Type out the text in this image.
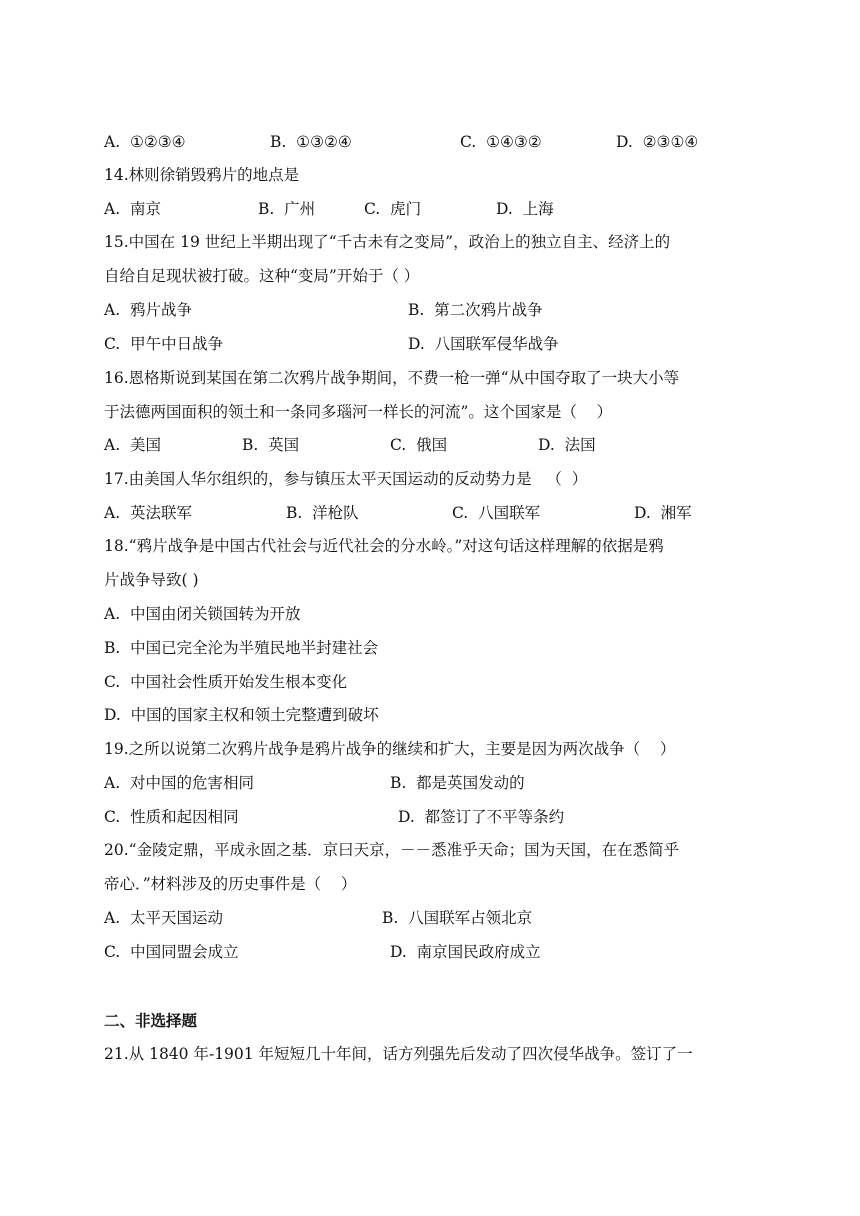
A.  ①②③④	B.  ①③②④	C.  ①④③②	D.  ②③①④
14.林则徐销毁鸦片的地点是
A.  南京	B.  广州	C.  虎门	D.  上海
15.中国在 19 世纪上半期出现了“千古未有之变局”，政治上的独立自主、经济上的
自给自足现状被打破。这种“变局”开始于（ ）
A.  鸦片战争	B.  第二次鸦片战争
C.  甲午中日战争	D.  八国联军侵华战争
16.恩格斯说到某国在第二次鸦片战争期间，不费一枪一弹“从中国夺取了一块大小等
于法德两国面积的领土和一条同多瑙河一样长的河流”。这个国家是（    ）
A.  美国	B.  英国	C.  俄国	D.  法国
17.由美国人华尔组织的，参与镇压太平天国运动的反动势力是   （  ）
A.  英法联军	B.  洋枪队	C.  八国联军	D.  湘军
18.“鸦片战争是中国古代社会与近代社会的分水岭。”对这句话这样理解的依据是鸦
片战争导致( )
A.  中国由闭关锁国转为开放
B.  中国已完全沦为半殖民地半封建社会
C.  中国社会性质开始发生根本变化
D.  中国的国家主权和领土完整遭到破坏
19.之所以说第二次鸦片战争是鸦片战争的继续和扩大，主要是因为两次战争（    ）
A.  对中国的危害相同	B.  都是英国发动的
C.  性质和起因相同	D.  都签订了不平等条约
20.“金陵定鼎，平成永固之基．京曰天京，－－悉准乎天命；国为天国，在在悉简乎
帝心．”材料涉及的历史事件是（    ）
A.  太平天国运动	B.  八国联军占领北京
C.  中国同盟会成立	D.  南京国民政府成立
二、非选择题
21.从 1840 年-1901 年短短几十年间，话方列强先后发动了四次侵华战争。签订了一
